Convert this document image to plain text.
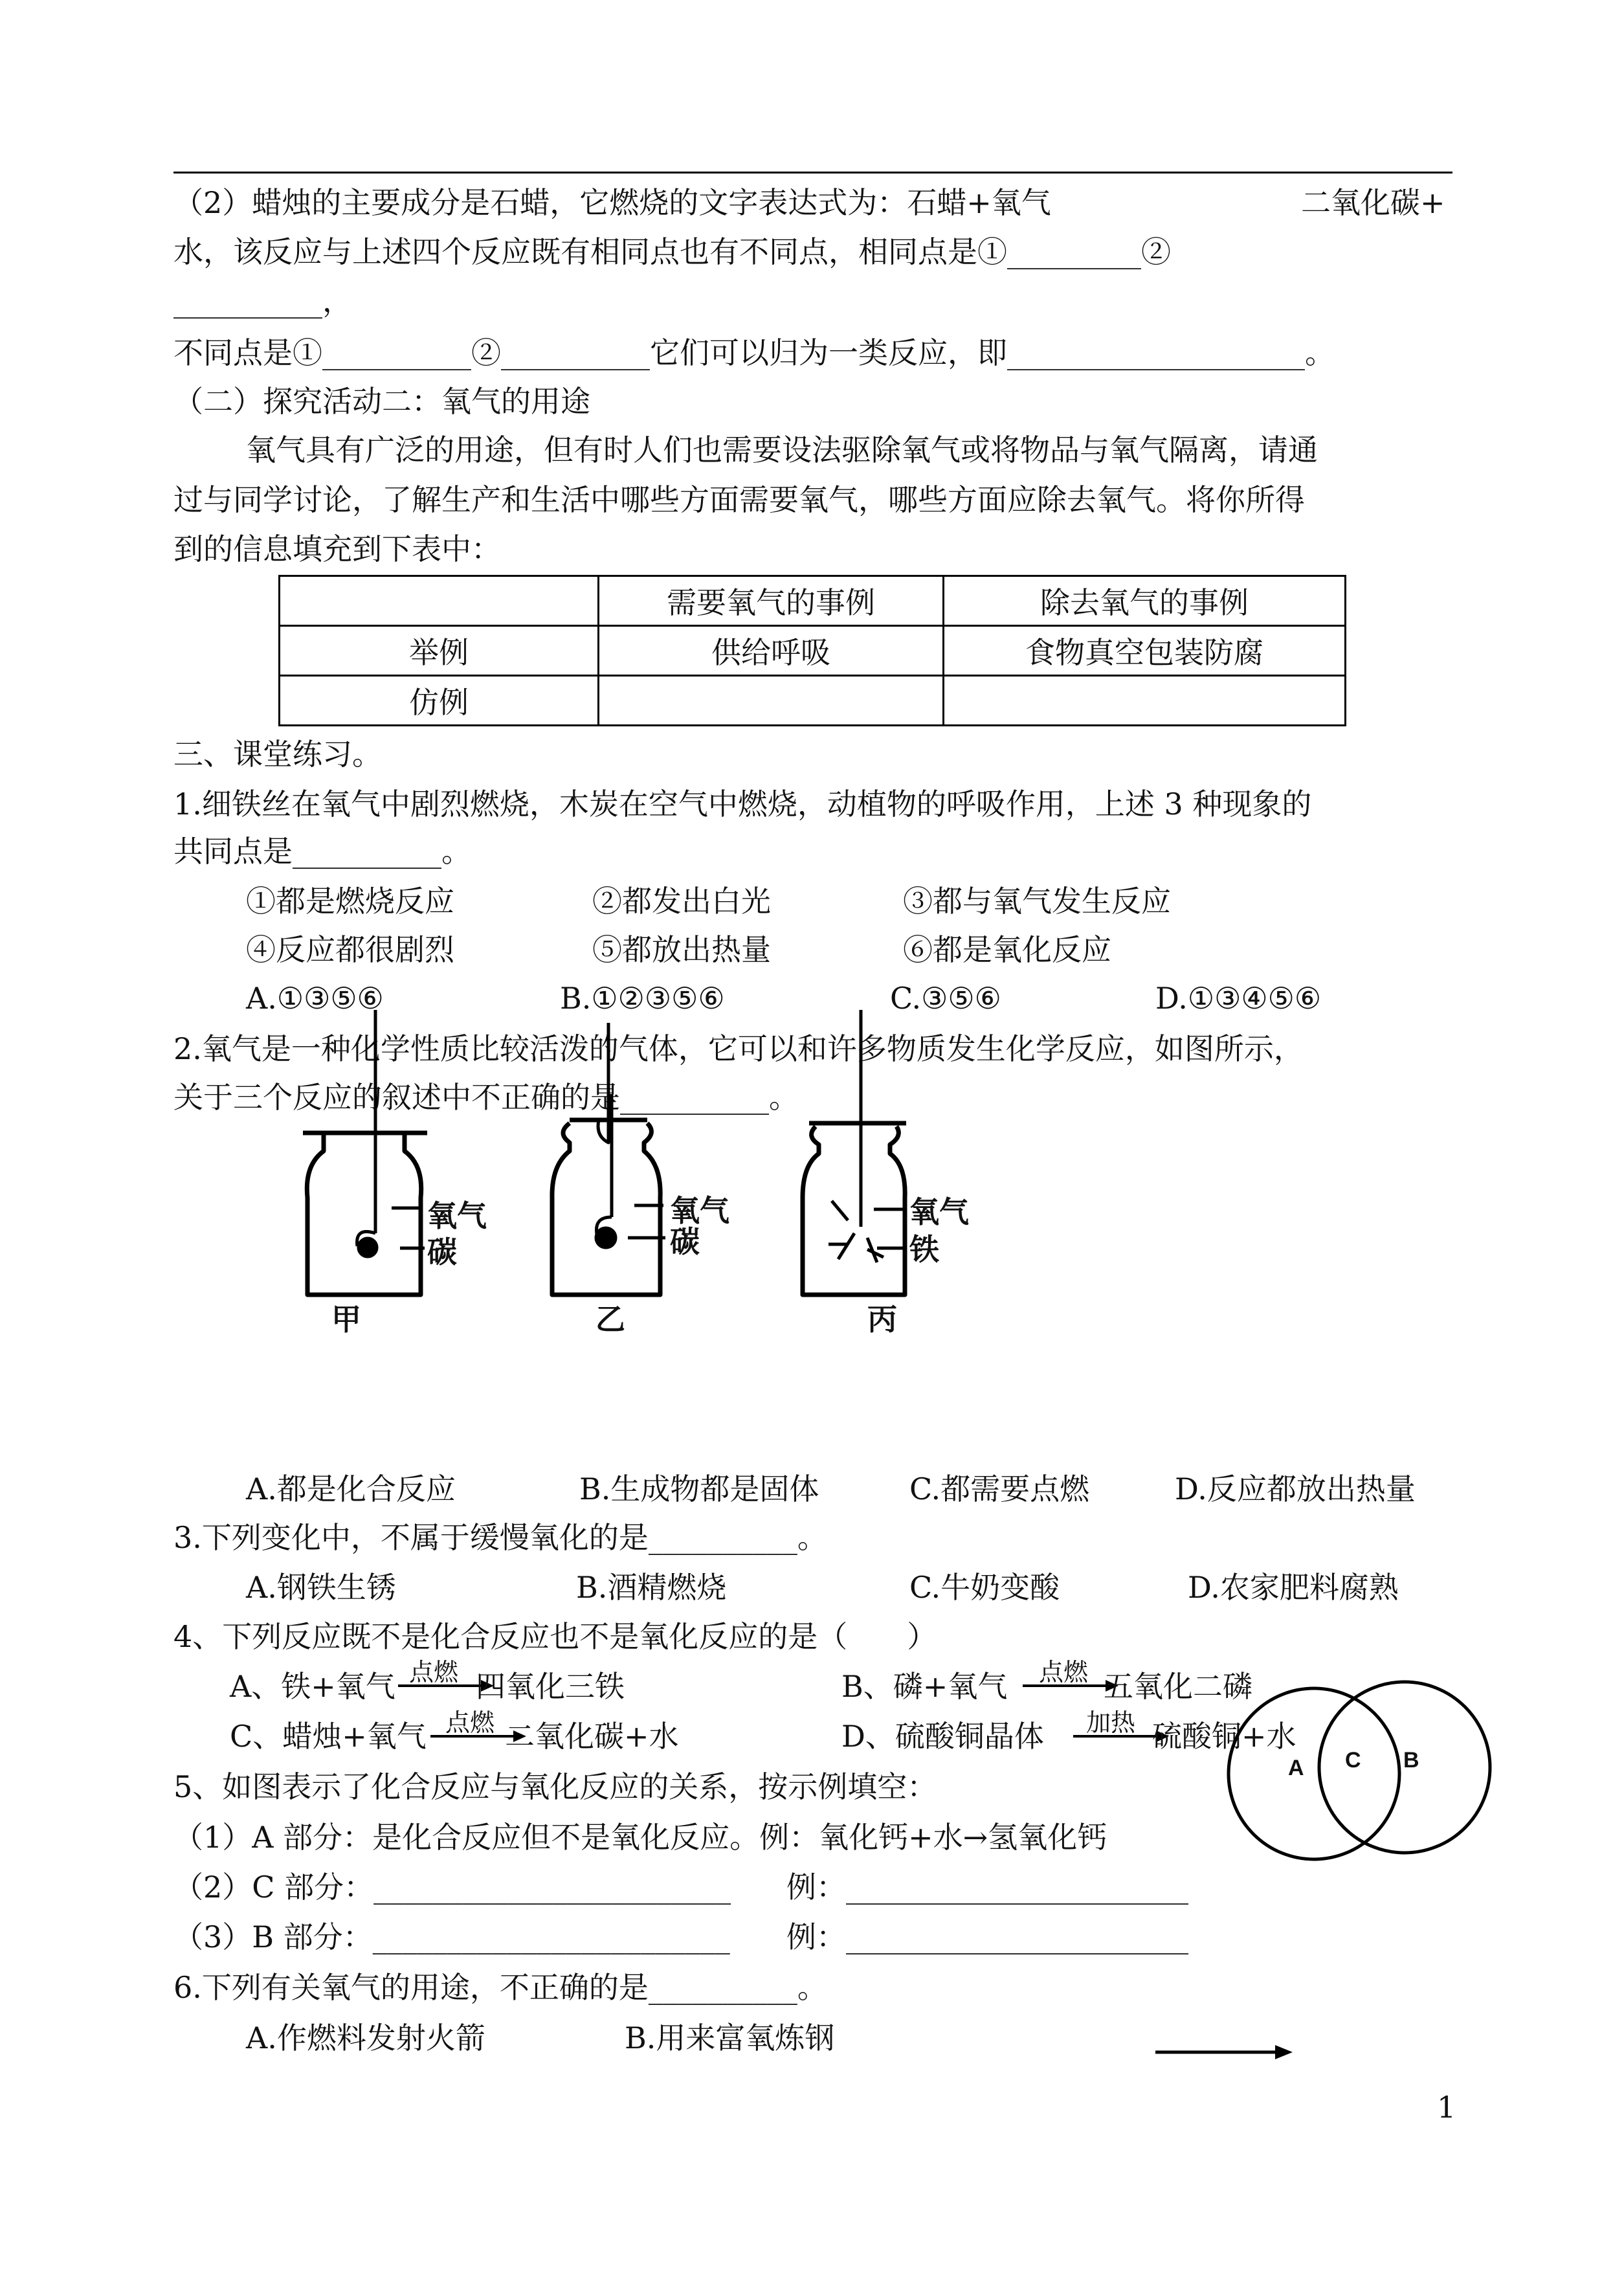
（2）蜡烛的主要成分是石蜡，它燃烧的文字表达式为：石蜡+氧气	二氧化碳+
水，该反应与上述四个反应既有相同点也有不同点，相同点是①_________②
__________，
不同点是①__________②__________它们可以归为一类反应，即____________________。
（二）探究活动二：氧气的用途
氧气具有广泛的用途，但有时人们也需要设法驱除氧气或将物品与氧气隔离，请通
过与同学讨论，了解生产和生活中哪些方面需要氧气，哪些方面应除去氧气。将你所得
到的信息填充到下表中：
	需要氧气的事例	除去氧气的事例
举例	供给呼吸	食物真空包装防腐
仿例		
三、课堂练习。
1.细铁丝在氧气中剧烈燃烧，木炭在空气中燃烧，动植物的呼吸作用，上述 3 种现象的
共同点是__________。
①都是燃烧反应	②都发出白光	③都与氧气发生反应
④反应都很剧烈	⑤都放出热量	⑥都是氧化反应
A.①③⑤⑥	B.①②③⑤⑥	C.③⑤⑥	D.①③④⑤⑥
2.氧气是一种化学性质比较活泼的气体，它可以和许多物质发生化学反应，如图所示，
关于三个反应的叙述中不正确的是__________。
氧气
碳
氧气
碳
氧气
铁
甲	乙	丙
A.都是化合反应	B.生成物都是固体	C.都需要点燃	D.反应都放出热量
3.下列变化中，不属于缓慢氧化的是__________。
A.钢铁生锈	B.酒精燃烧	C.牛奶变酸	D.农家肥料腐熟
4、下列反应既不是化合反应也不是氧化反应的是（　　）
A、铁+氧气 点燃 四氧化三铁	B、磷+氧气 点燃 五氧化二磷
C、蜡烛+氧气 点燃 二氧化碳+水	D、硫酸铜晶体 加热 硫酸铜+水
A C B
5、如图表示了化合反应与氧化反应的关系，按示例填空：
（1）A 部分：是化合反应但不是氧化反应。例：氧化钙+水→氢氧化钙
（2）C 部分：________________________ 例：_______________________
（3）B 部分：________________________ 例：_______________________
6.下列有关氧气的用途，不正确的是__________。
A.作燃料发射火箭	B.用来富氧炼钢
1
